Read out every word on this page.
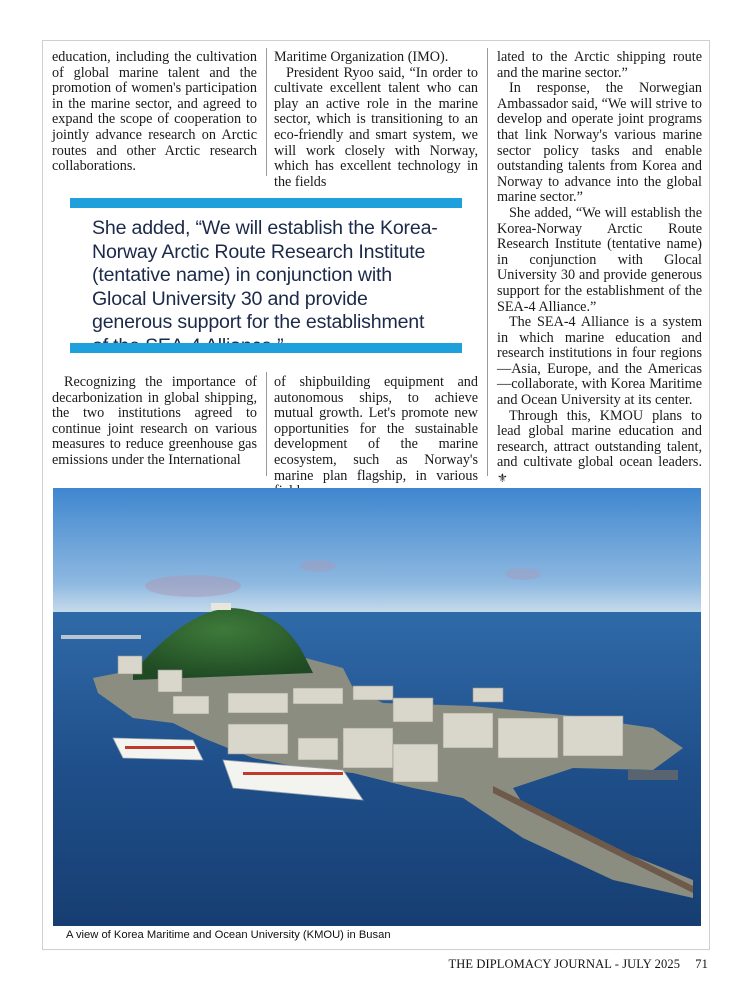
education, including the cultivation of global marine talent and the promotion of women's participation in the marine sector, and agreed to expand the scope of cooperation to jointly advance research on Arctic routes and other Arctic research collaborations.

Maritime Organization (IMO).

President Ryoo said, “In order to cultivate excellent talent who can play an active role in the marine sector, which is transitioning to an eco-friendly and smart system, we will work closely with Norway, which has excellent technology in the fields

lated to the Arctic shipping route and the marine sector.”

In response, the Norwegian Ambassador said, “We will strive to develop and operate joint programs that link Norway's various marine sector policy tasks and enable outstanding talents from Korea and Norway to advance into the global marine sector.”

She added, “We will establish the Korea-Norway Arctic Route Research Institute (tentative name) in conjunction with Glocal University 30 and provide generous support for the establishment of the SEA-4 Alliance.”

The SEA-4 Alliance is a system in which marine education and research institutions in four regions—Asia, Europe, and the Americas—collaborate, with Korea Maritime and Ocean University at its center.

Through this, KMOU plans to lead global marine education and research, attract outstanding talent, and cultivate global ocean leaders. ⚜

She added, “We will establish the Korea-Norway Arctic Route Research Institute (tentative name) in conjunction with Glocal University 30 and provide generous support for the establishment

Recognizing the importance of decarbonization in global shipping, the two institutions agreed to continue joint research on various measures to reduce greenhouse gas emissions under the International

of shipbuilding equipment and autonomous ships, to achieve mutual growth. Let's promote new opportunities for the sustainable development of the marine ecosystem, such as Norway's marine plan flagship, in various

A view of Korea Maritime and Ocean University (KMOU) in Busan
THE DIPLOMACY JOURNAL - JULY 2025 71
